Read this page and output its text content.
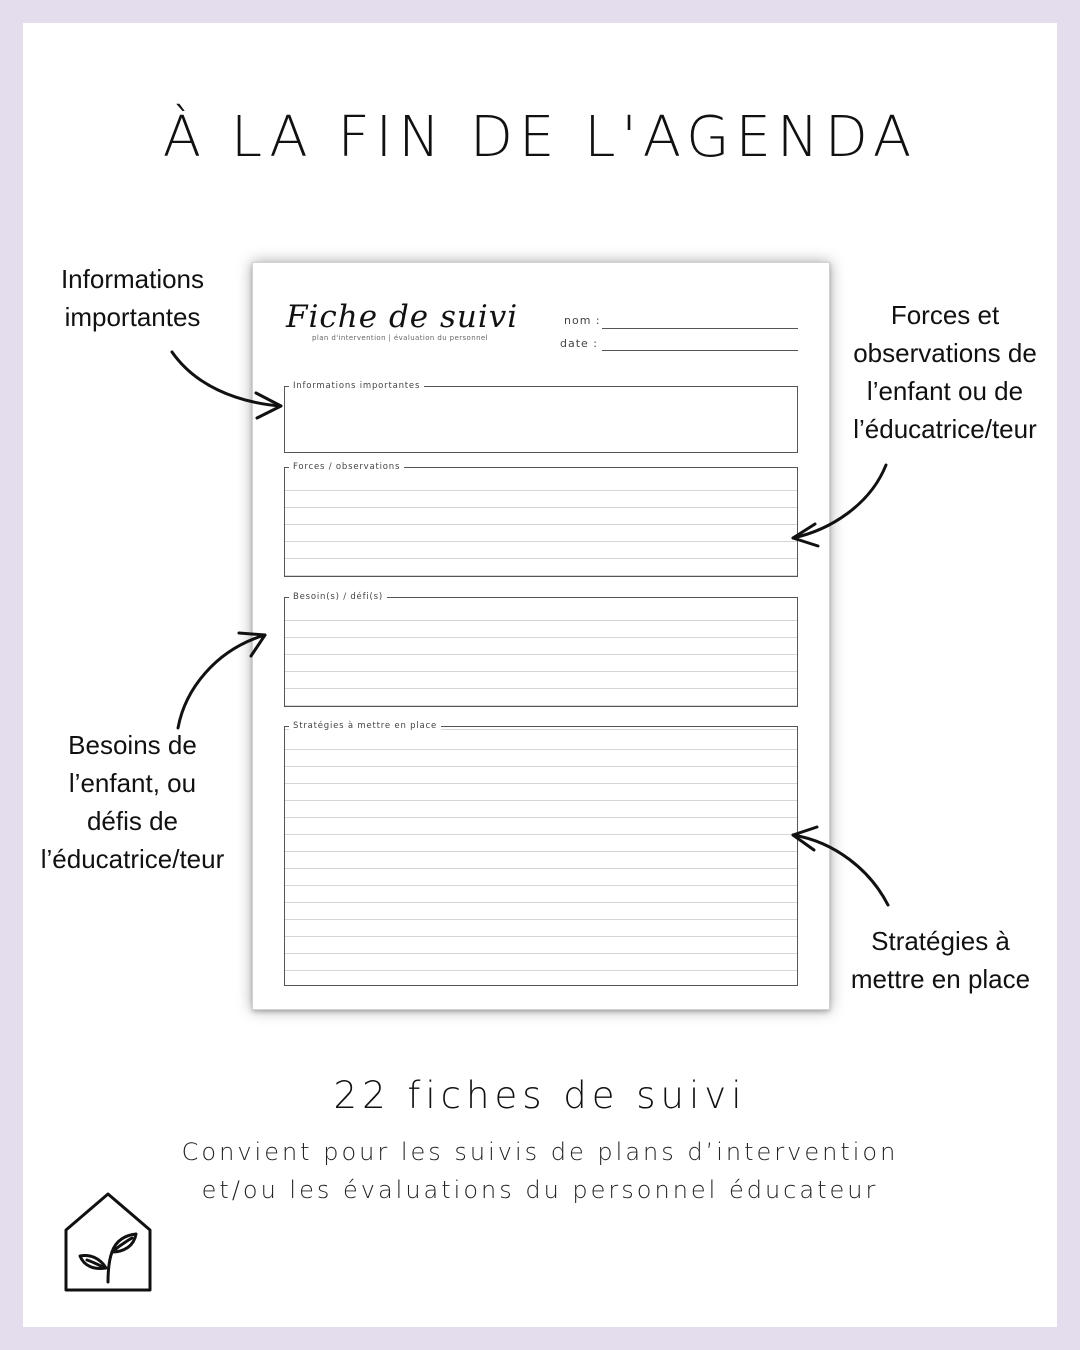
À LA FIN DE L'AGENDA
Informations
importantes	Forces et
observations de
l’enfant ou de
l’éducatrice/teur
Besoins de
l’enfant, ou
défis de
l’éducatrice/teur
Stratégies à
mettre en place
Fiche de suivi
plan d'intervention | évaluation du personnel
nom :
date :
Informations importantes
Forces / observations
Besoin(s) / défi(s)
Stratégies à mettre en place
22 fiches de suivi
Convient pour les suivis de plans d’intervention
et/ou les évaluations du personnel éducateur
